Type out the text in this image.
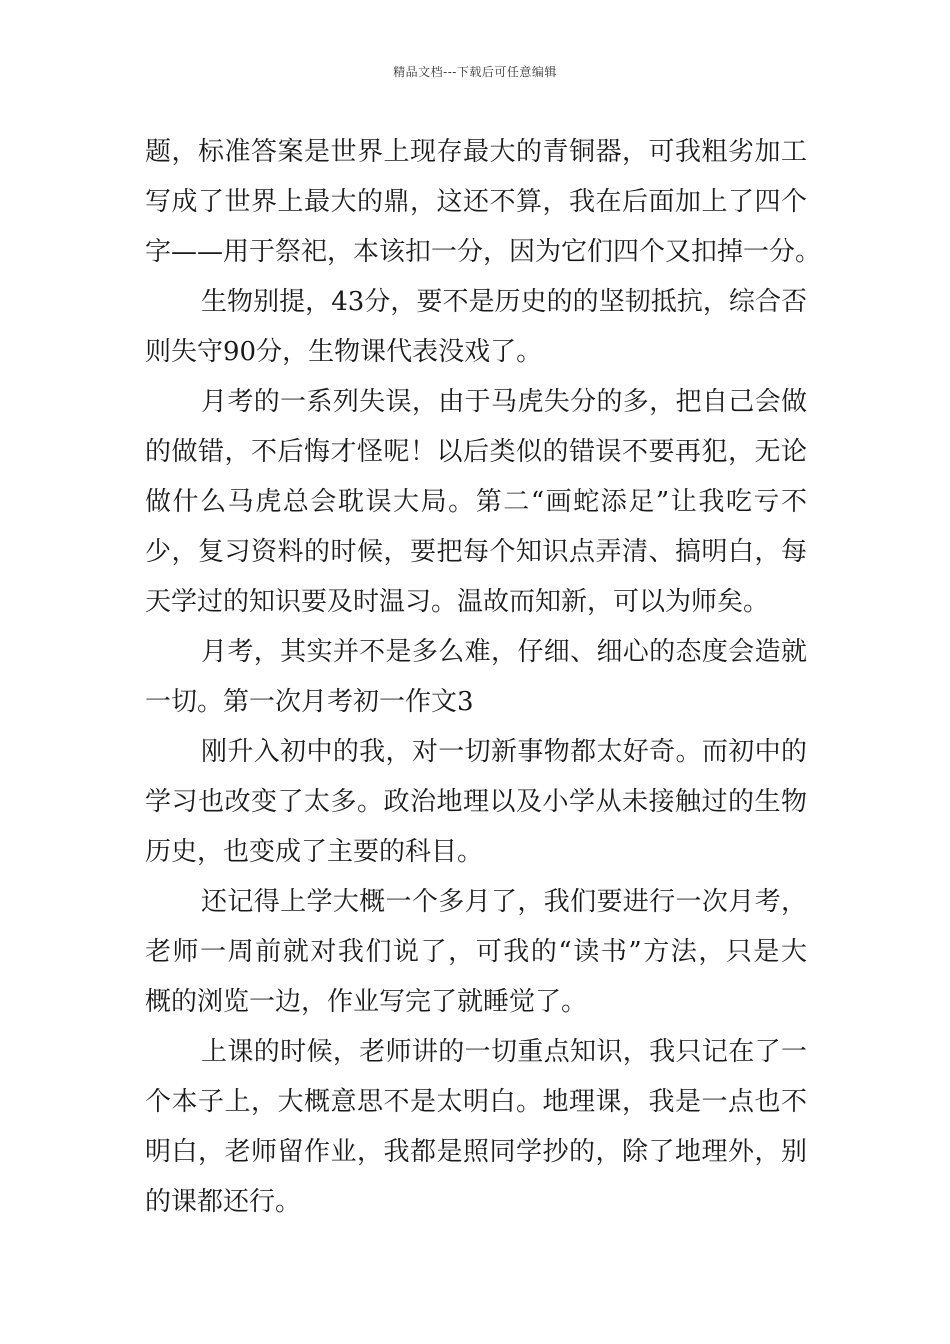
精品文档---下载后可任意编辑
题，标准答案是世界上现存最大的青铜器，可我粗劣加工
写成了世界上最大的鼎，这还不算，我在后面加上了四个
字——用于祭祀，本该扣一分，因为它们四个又扣掉一分。
生物别提，43分，要不是历史的的坚韧抵抗，综合否
则失守90分，生物课代表没戏了。
月考的一系列失误，由于马虎失分的多，把自己会做
的做错，不后悔才怪呢！以后类似的错误不要再犯，无论
做什么马虎总会耽误大局。第二“画蛇添足”让我吃亏不
少，复习资料的时候，要把每个知识点弄清、搞明白，每
天学过的知识要及时温习。温故而知新，可以为师矣。
月考，其实并不是多么难，仔细、细心的态度会造就
一切。第一次月考初一作文3
刚升入初中的我，对一切新事物都太好奇。而初中的
学习也改变了太多。政治地理以及小学从未接触过的生物
历史，也变成了主要的科目。
还记得上学大概一个多月了，我们要进行一次月考，
老师一周前就对我们说了，可我的“读书”方法，只是大
概的浏览一边，作业写完了就睡觉了。
上课的时候，老师讲的一切重点知识，我只记在了一
个本子上，大概意思不是太明白。地理课，我是一点也不
明白，老师留作业，我都是照同学抄的，除了地理外，别
的课都还行。
